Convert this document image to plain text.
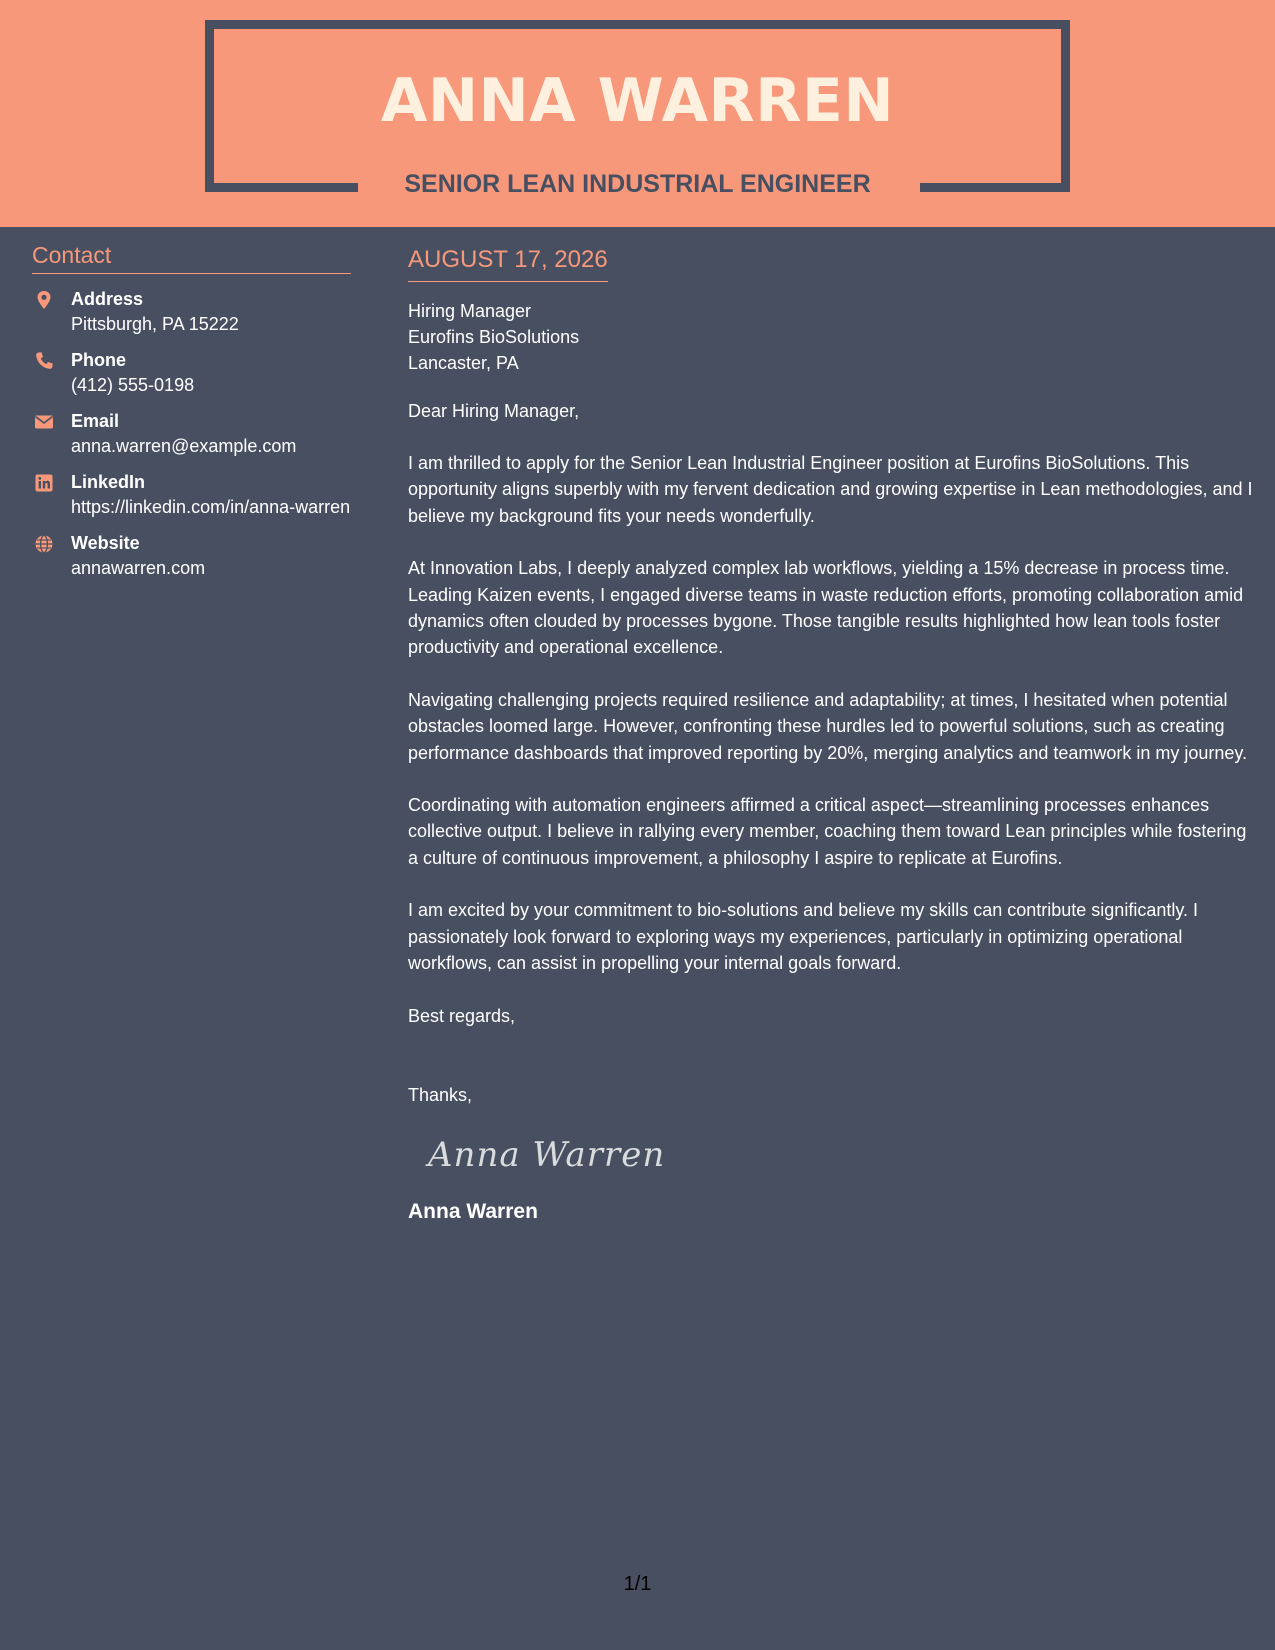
ANNA WARREN
SENIOR LEAN INDUSTRIAL ENGINEER
Contact
Address
Pittsburgh, PA 15222
Phone
(412) 555-0198
Email
anna.warren@example.com
LinkedIn
https://linkedin.com/in/anna-warren
Website
annawarren.com
AUGUST 17, 2026
Hiring Manager
Eurofins BioSolutions
Lancaster, PA
Dear Hiring Manager,

I am thrilled to apply for the Senior Lean Industrial Engineer position at Eurofins BioSolutions. This opportunity aligns superbly with my fervent dedication and growing expertise in Lean methodologies, and I believe my background fits your needs wonderfully.

At Innovation Labs, I deeply analyzed complex lab workflows, yielding a 15% decrease in process time. Leading Kaizen events, I engaged diverse teams in waste reduction efforts, promoting collaboration amid dynamics often clouded by processes bygone. Those tangible results highlighted how lean tools foster productivity and operational excellence.

Navigating challenging projects required resilience and adaptability; at times, I hesitated when potential obstacles loomed large. However, confronting these hurdles led to powerful solutions, such as creating performance dashboards that improved reporting by 20%, merging analytics and teamwork in my journey.

Coordinating with automation engineers affirmed a critical aspect—streamlining processes enhances collective output. I believe in rallying every member, coaching them toward Lean principles while fostering a culture of continuous improvement, a philosophy I aspire to replicate at Eurofins.

I am excited by your commitment to bio-solutions and believe my skills can contribute significantly. I passionately look forward to exploring ways my experiences, particularly in optimizing operational workflows, can assist in propelling your internal goals forward.

Best regards,
Thanks,
Anna Warren
Anna Warren
1/1
